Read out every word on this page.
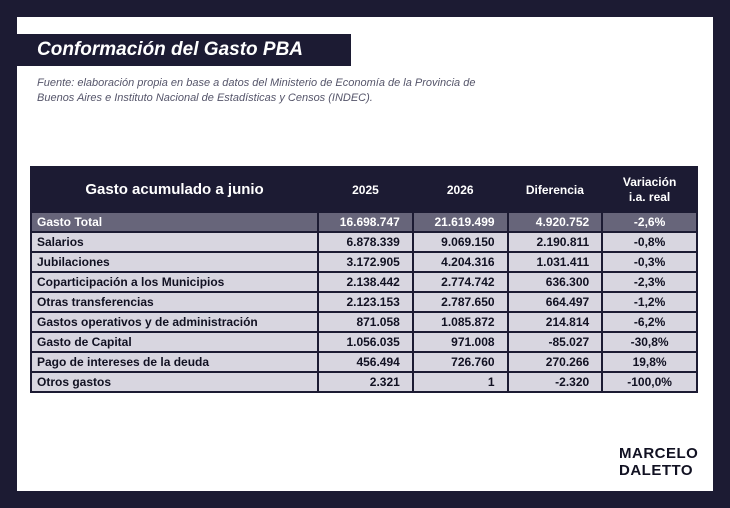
Conformación del Gasto PBA
Fuente: elaboración propia en base a datos del Ministerio de Economía de la Provincia de Buenos Aires e Instituto Nacional de Estadísticas y Censos (INDEC).
Gasto acumulado a junio	2025	2026	Diferencia	Variación i.a. real
Gasto Total	16.698.747	21.619.499	4.920.752	-2,6%
Salarios	6.878.339	9.069.150	2.190.811	-0,8%
Jubilaciones	3.172.905	4.204.316	1.031.411	-0,3%
Coparticipación a los Municipios	2.138.442	2.774.742	636.300	-2,3%
Otras transferencias	2.123.153	2.787.650	664.497	-1,2%
Gastos operativos y de administración	871.058	1.085.872	214.814	-6,2%
Gasto de Capital	1.056.035	971.008	-85.027	-30,8%
Pago de intereses de la deuda	456.494	726.760	270.266	19,8%
Otros gastos	2.321	1	-2.320	-100,0%
MARCELO
DALETTO
